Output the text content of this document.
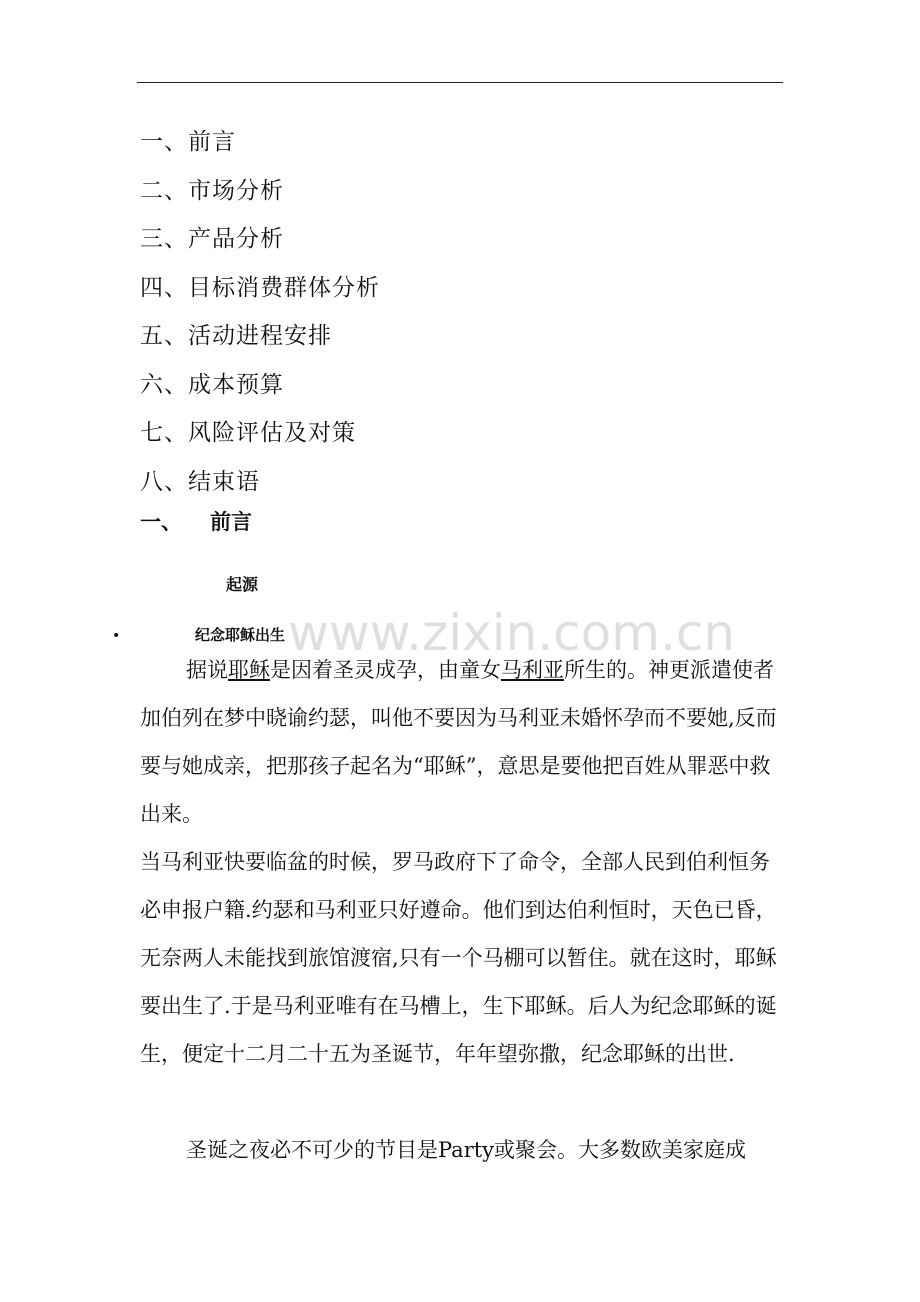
一、前言
二、市场分析
三、产品分析
四、目标消费群体分析
五、活动进程安排
六、成本预算
七、风险评估及对策
八、结束语
一、 前言
起源
•	纪念耶稣出生

据说耶稣是因着圣灵成孕，由童女马利亚所生的。神更派遣使者加伯列在梦中晓谕约瑟，叫他不要因为马利亚未婚怀孕而不要她,反而要与她成亲，把那孩子起名为“耶稣”，意思是要他把百姓从罪恶中救出来。

当马利亚快要临盆的时候，罗马政府下了命令，全部人民到伯利恒务必申报户籍.约瑟和马利亚只好遵命。他们到达伯利恒时，天色已昏，无奈两人未能找到旅馆渡宿,只有一个马棚可以暂住。就在这时，耶稣要出生了.于是马利亚唯有在马槽上，生下耶稣。后人为纪念耶稣的诞生，便定十二月二十五为圣诞节，年年望弥撒，纪念耶稣的出世.

圣诞之夜必不可少的节目是Party或聚会。大多数欧美家庭成

www.zixin.com.cn
